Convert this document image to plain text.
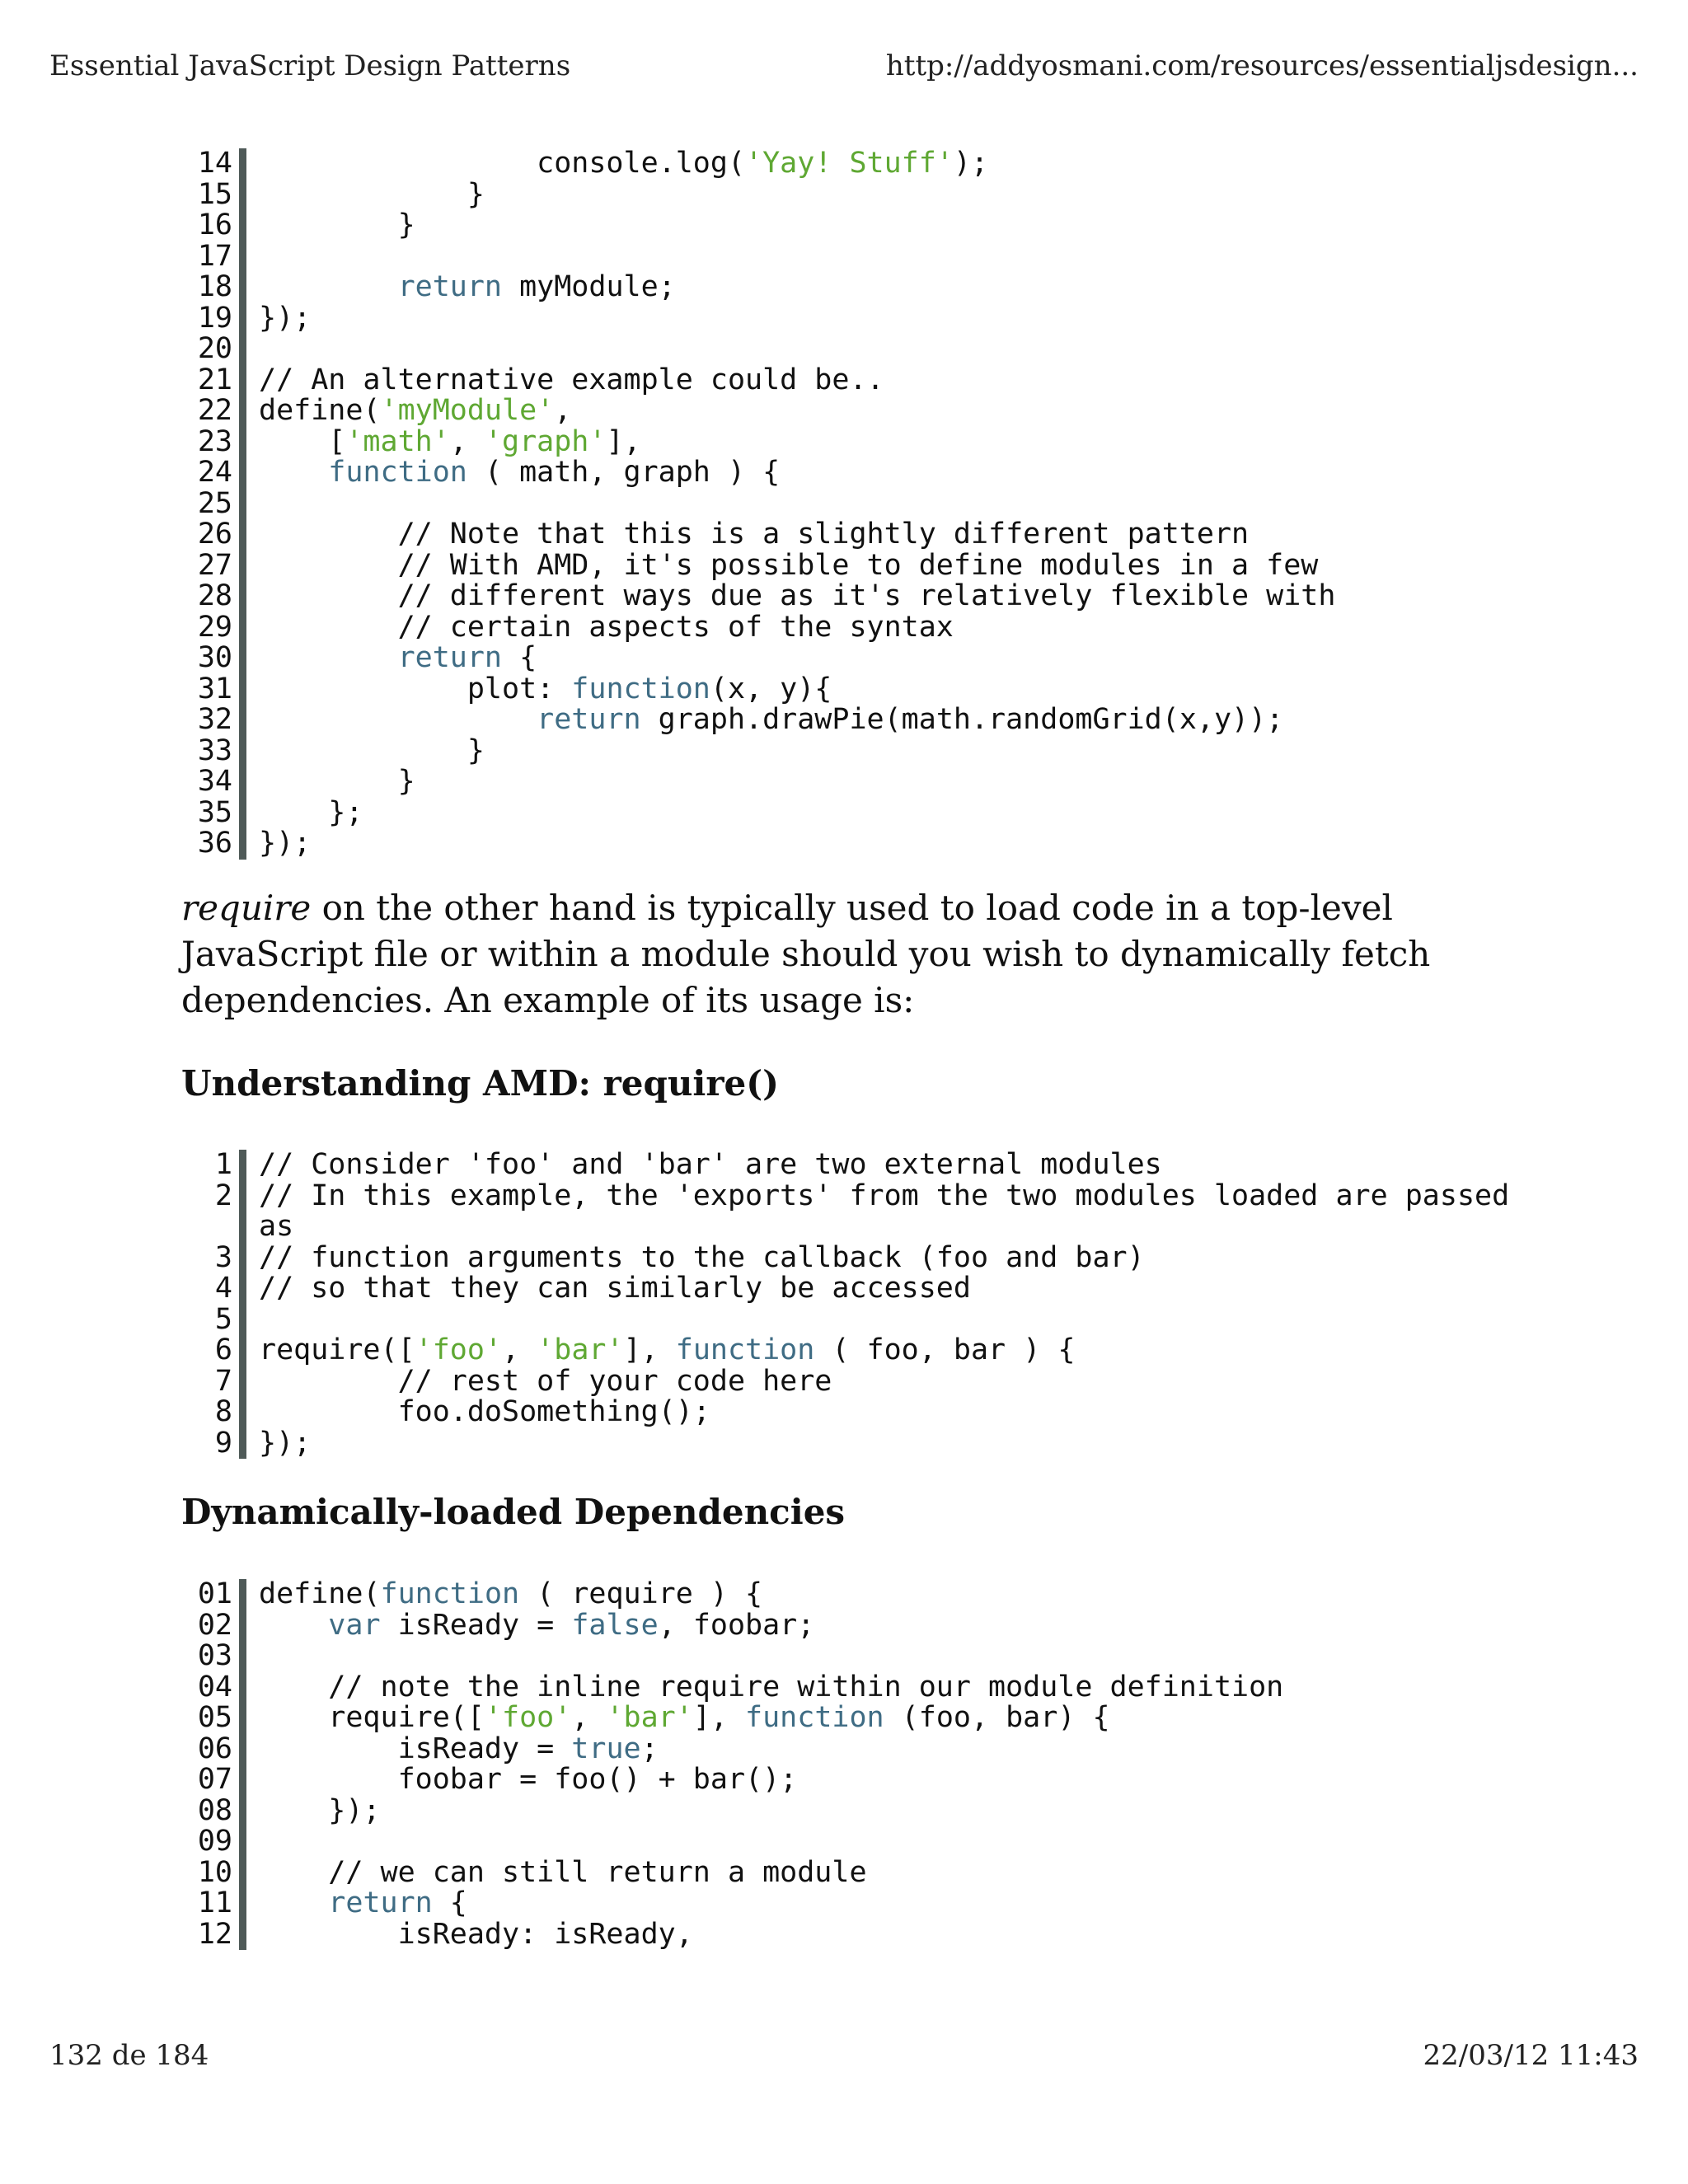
Essential JavaScript Design Patterns	http://addyosmani.com/resources/essentialjsdesign...
14 console.log('Yay! Stuff');
15 }
16 }
17
18	return myModule;
19 });
20
21 // An alternative example could be..
22 define('myModule',
23 ['math', 'graph'],
24	function ( math, graph ) {
25
26 // Note that this is a slightly different pattern
27 // With AMD, it's possible to define modules in a few
28 // different ways due as it's relatively flexible with
29 // certain aspects of the syntax
30	return {
31 plot: function(x, y){
32	return graph.drawPie(math.randomGrid(x,y));
33 }
34 }
35 };
36 });
require on the other hand is typically used to load code in a top-level JavaScript file or within a module should you wish to dynamically fetch dependencies. An example of its usage is:
Understanding AMD: require()
1 // Consider 'foo' and 'bar' are two external modules
2 // In this example, the 'exports' from the two modules loaded are passed as
3 // function arguments to the callback (foo and bar)
4 // so that they can similarly be accessed
5
6 require(['foo', 'bar'], function ( foo, bar ) {
7 // rest of your code here
8 foo.doSomething();
9 });
Dynamically-loaded Dependencies
01 define(function ( require ) {
02	var isReady = false, foobar;
03
04 // note the inline require within our module definition
05 require(['foo', 'bar'], function (foo, bar) {
06 isReady = true;
07 foobar = foo() + bar();
08 });
09
10 // we can still return a module
11	return {
12 isReady: isReady,
132 de 184	22/03/12 11:43
